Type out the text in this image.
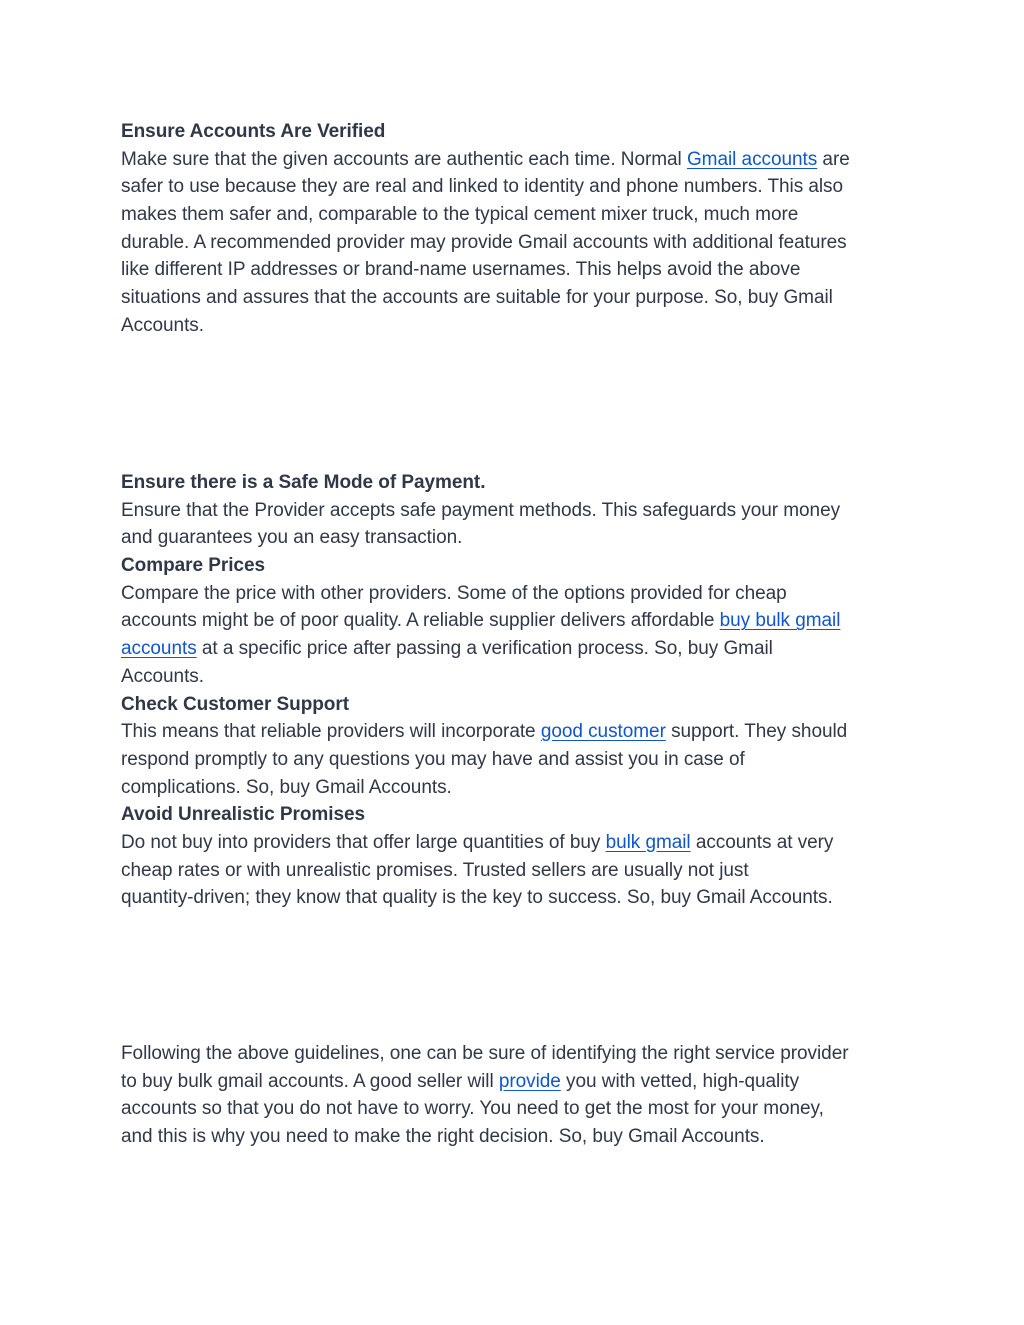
Ensure Accounts Are Verified
Make sure that the given accounts are authentic each time. Normal Gmail accounts are
safer to use because they are real and linked to identity and phone numbers. This also
makes them safer and, comparable to the typical cement mixer truck, much more
durable. A recommended provider may provide Gmail accounts with additional features
like different IP addresses or brand-name usernames. This helps avoid the above
situations and assures that the accounts are suitable for your purpose. So, buy Gmail
Accounts.
Ensure there is a Safe Mode of Payment.
Ensure that the Provider accepts safe payment methods. This safeguards your money
and guarantees you an easy transaction.
Compare Prices
Compare the price with other providers. Some of the options provided for cheap
accounts might be of poor quality. A reliable supplier delivers affordable buy bulk gmail
accounts at a specific price after passing a verification process. So, buy Gmail
Accounts.
Check Customer Support
This means that reliable providers will incorporate good customer support. They should
respond promptly to any questions you may have and assist you in case of
complications. So, buy Gmail Accounts.
Avoid Unrealistic Promises
Do not buy into providers that offer large quantities of buy bulk gmail accounts at very
cheap rates or with unrealistic promises. Trusted sellers are usually not just
quantity-driven; they know that quality is the key to success. So, buy Gmail Accounts.
Following the above guidelines, one can be sure of identifying the right service provider
to buy bulk gmail accounts. A good seller will provide you with vetted, high-quality
accounts so that you do not have to worry. You need to get the most for your money,
and this is why you need to make the right decision. So, buy Gmail Accounts.
